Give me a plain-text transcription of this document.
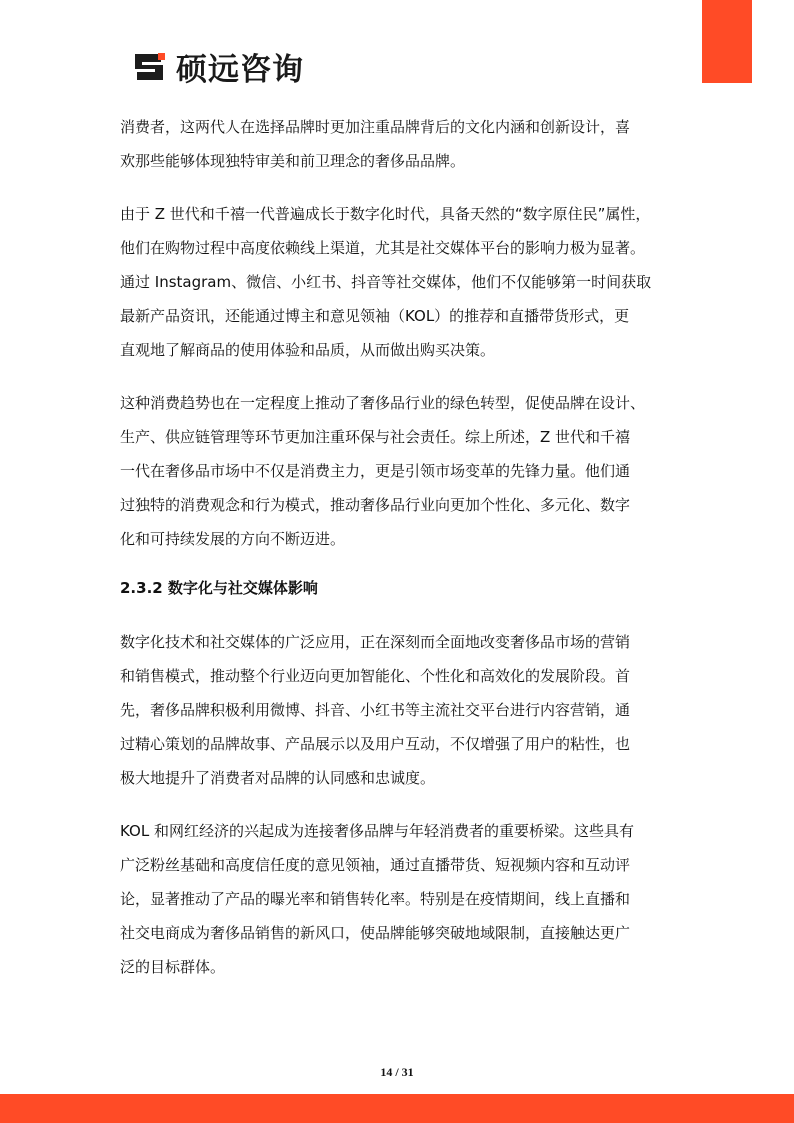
硕远咨询
消费者，这两代人在选择品牌时更加注重品牌背后的文化内涵和创新设计，喜
欢那些能够体现独特审美和前卫理念的奢侈品品牌。
由于 Z 世代和千禧一代普遍成长于数字化时代，具备天然的“数字原住民”属性，
他们在购物过程中高度依赖线上渠道，尤其是社交媒体平台的影响力极为显著。
通过 Instagram、微信、小红书、抖音等社交媒体，他们不仅能够第一时间获取
最新产品资讯，还能通过博主和意见领袖（KOL）的推荐和直播带货形式，更
直观地了解商品的使用体验和品质，从而做出购买决策。
这种消费趋势也在一定程度上推动了奢侈品行业的绿色转型，促使品牌在设计、
生产、供应链管理等环节更加注重环保与社会责任。综上所述，Z 世代和千禧
一代在奢侈品市场中不仅是消费主力，更是引领市场变革的先锋力量。他们通
过独特的消费观念和行为模式，推动奢侈品行业向更加个性化、多元化、数字
化和可持续发展的方向不断迈进。
2.3.2 数字化与社交媒体影响
数字化技术和社交媒体的广泛应用，正在深刻而全面地改变奢侈品市场的营销
和销售模式，推动整个行业迈向更加智能化、个性化和高效化的发展阶段。首
先，奢侈品牌积极利用微博、抖音、小红书等主流社交平台进行内容营销，通
过精心策划的品牌故事、产品展示以及用户互动，不仅增强了用户的粘性，也
极大地提升了消费者对品牌的认同感和忠诚度。
KOL 和网红经济的兴起成为连接奢侈品牌与年轻消费者的重要桥梁。这些具有
广泛粉丝基础和高度信任度的意见领袖，通过直播带货、短视频内容和互动评
论，显著推动了产品的曝光率和销售转化率。特别是在疫情期间，线上直播和
社交电商成为奢侈品销售的新风口，使品牌能够突破地域限制，直接触达更广
泛的目标群体。
14 / 31
